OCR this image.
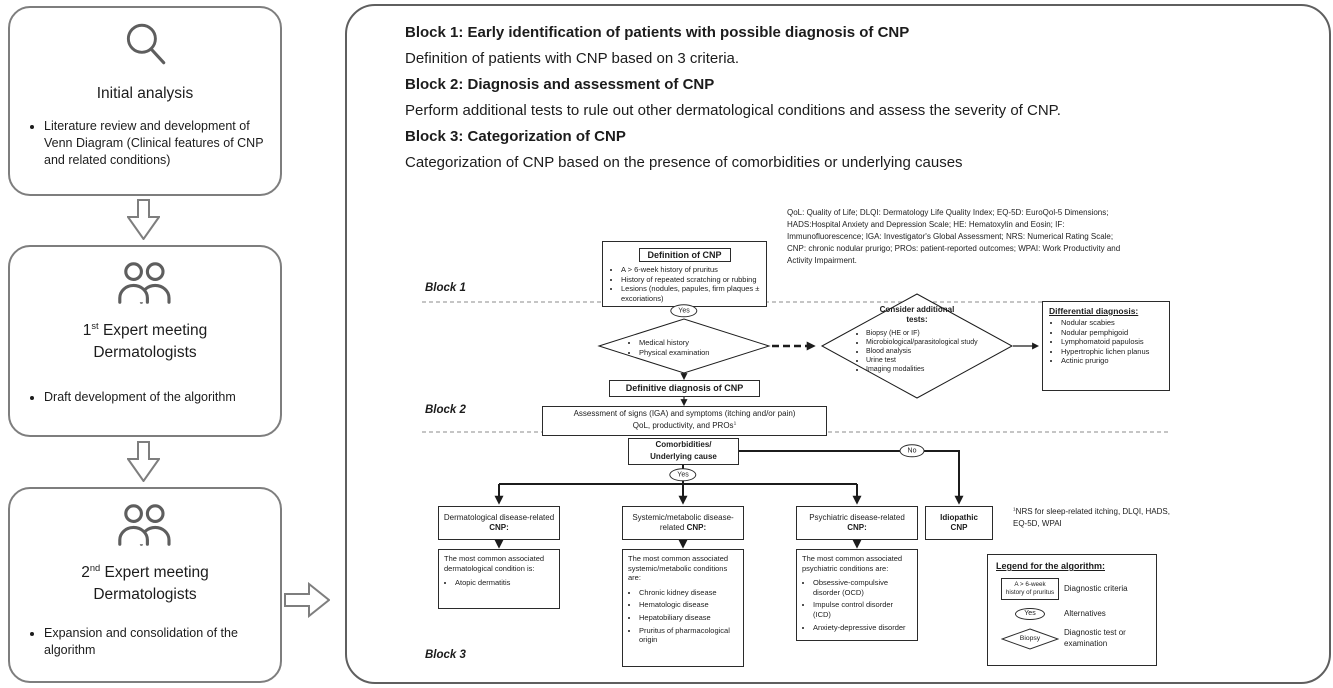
Initial analysis
• Literature review and development of Venn Diagram (Clinical features of CNP and related conditions)
1st Expert meeting
Dermatologists
• Draft development of the algorithm
2nd Expert meeting
Dermatologists
• Expansion and consolidation of the algorithm
Block 1: Early identification of patients with possible diagnosis of CNP
Definition of patients with CNP based on 3 criteria.
Block 2: Diagnosis and assessment of CNP
Perform additional tests to rule out other dermatological conditions and assess the severity of CNP.
Block 3: Categorization of CNP
Categorization of CNP based on the presence of comorbidities or underlying causes
QoL: Quality of Life; DLQI: Dermatology Life Quality Index; EQ-5D: EuroQol-5 Dimensions; HADS:Hospital Anxiety and Depression Scale; HE: Hematoxylin and Eosin; IF: Immunofluorescence; IGA: Investigator's Global Assessment; NRS: Numerical Rating Scale; CNP: chronic nodular prurigo; PROs: patient-reported outcomes; WPAI: Work Productivity and Activity Impairment.
Block 1
Block 2
Block 3
Definition of CNP
• A > 6-week history of pruritus
• History of repeated scratching or rubbing
• Lesions (nodules, papules, firm plaques ± excoriations)
Yes
• Medical history
• Physical examination
Consider additional tests:
• Biopsy (HE or IF)
• Microbiological/parasitological study
• Blood analysis
• Urine test
• Imaging modalities
Differential diagnosis:
• Nodular scabies
• Nodular pemphigoid
• Lymphomatoid papulosis
• Hypertrophic lichen planus
• Actinic prurigo
Definitive diagnosis of CNP
Assessment of signs (IGA) and symptoms (itching and/or pain)
QoL, productivity, and PROs$^1$
Comorbidities/
Underlying cause
No
Yes
Dermatological disease-related CNP:
Systemic/metabolic disease-related CNP:
Psychiatric disease-related CNP:
Idiopathic
CNP
The most common associated dermatological condition is:
• Atopic dermatitis
The most common associated systemic/metabolic conditions are:
• Chronic kidney disease
• Hematologic disease
• Hepatobiliary disease
• Pruritus of pharmacological origin
The most common associated psychiatric conditions are:
• Obsessive-compulsive disorder (OCD)
• Impulse control disorder (ICD)
• Anxiety-depressive disorder
$^1$NRS for sleep-related itching, DLQI, HADS, EQ-5D, WPAI
Legend for the algorithm:
A > 6-week history of pruritus	Diagnostic criteria
Yes	Alternatives
Biopsy
Diagnostic test or examination
